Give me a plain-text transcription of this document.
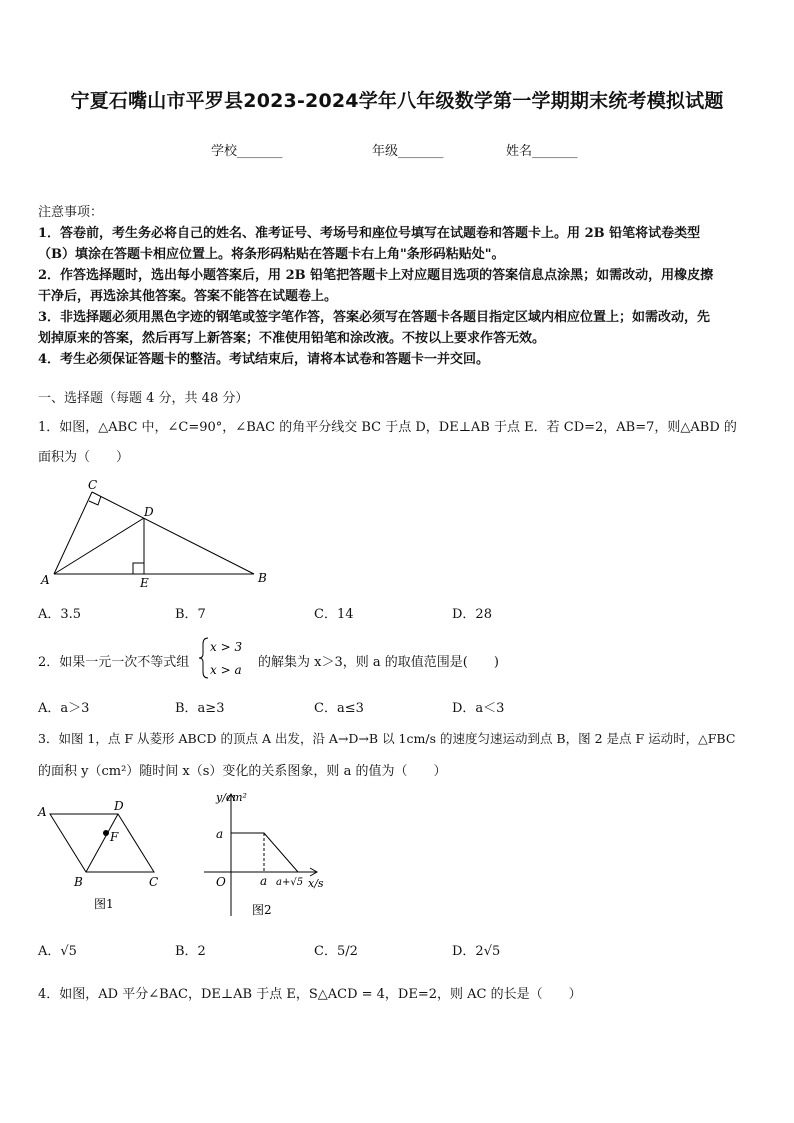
宁夏石嘴山市平罗县2023-2024学年八年级数学第一学期期末统考模拟试题
学校_______	年级_______	姓名_______
注意事项：
1．答卷前，考生务必将自己的姓名、准考证号、考场号和座位号填写在试题卷和答题卡上。用 2B 铅笔将试卷类型
（B）填涂在答题卡相应位置上。将条形码粘贴在答题卡右上角"条形码粘贴处"。
2．作答选择题时，选出每小题答案后，用 2B 铅笔把答题卡上对应题目选项的答案信息点涂黑；如需改动，用橡皮擦
干净后，再选涂其他答案。答案不能答在试题卷上。
3．非选择题必须用黑色字迹的钢笔或签字笔作答，答案必须写在答题卡各题目指定区域内相应位置上；如需改动，先
划掉原来的答案，然后再写上新答案；不准使用铅笔和涂改液。不按以上要求作答无效。
4．考生必须保证答题卡的整洁。考试结束后，请将本试卷和答题卡一并交回。
一、选择题（每题 4 分，共 48 分）
1．如图，△ABC 中，∠C=90°，∠BAC 的角平分线交 BC 于点 D，DE⊥AB 于点 E．若 CD=2，AB=7，则△ABD 的
面积为（　　）
C
D
A	E	B
A．3.5	B．7	C．14	D．28
2．如果一元一次不等式组
x > 3
x > a 的解集为 x＞3，则 a 的取值范围是(　　)
A．a＞3	B．a≥3	C．a≤3	D．a＜3
3．如图 1，点 F 从菱形 ABCD 的顶点 A 出发，沿 A→D→B 以 1cm/s 的速度匀速运动到点 B，图 2 是点 F 运动时，△FBC
的面积 y（cm²）随时间 x（s）变化的关系图象，则 a 的值为（　　）
A	D
F
B	C
图1
y/cm²
a
O	a a+√5 x/s
图2
A．√5	B．2	C．5/2	D．2√5
4．如图，AD 平分∠BAC，DE⊥AB 于点 E，S△ACD = 4，DE=2，则 AC 的长是（　　）
